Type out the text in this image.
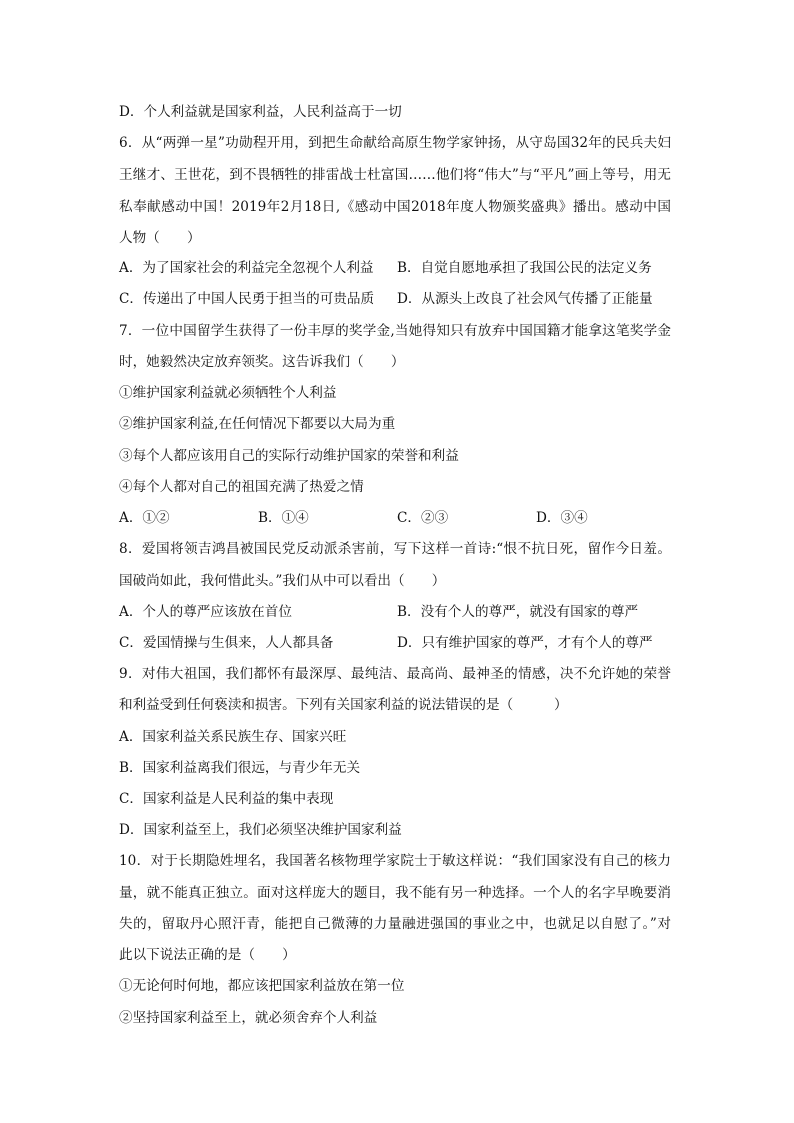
D．个人利益就是国家利益，人民利益高于一切
6．从“两弹一星”功勋程开用，到把生命献给高原生物学家钟扬，从守岛国32年的民兵夫妇
王继才、王世花，到不畏牺牲的排雷战士杜富国……他们将“伟大”与“平凡”画上等号，用无
私奉献感动中国！2019年2月18日,《感动中国2018年度人物颁奖盛典》播出。感动中国
人物（　　）
A．为了国家社会的利益完全忽视个人利益 B．自觉自愿地承担了我国公民的法定义务
C．传递出了中国人民勇于担当的可贵品质 D．从源头上改良了社会风气传播了正能量
7．一位中国留学生获得了一份丰厚的奖学金,当她得知只有放弃中国国籍才能拿这笔奖学金
时，她毅然决定放弃领奖。这告诉我们（　　）
①维护国家利益就必须牺牲个人利益
②维护国家利益,在任何情况下都要以大局为重
③每个人都应该用自己的实际行动维护国家的荣誉和利益
④每个人都对自己的祖国充满了热爱之情
A．①②	B．①④	C．②③	D．③④
8．爱国将领吉鸿昌被国民党反动派杀害前，写下这样一首诗:“恨不抗日死，留作今日羞。
国破尚如此，我何惜此头。”我们从中可以看出（　　）
A．个人的尊严应该放在首位	B．没有个人的尊严，就没有国家的尊严
C．爱国情操与生俱来，人人都具备	D．只有维护国家的尊严，才有个人的尊严
9．对伟大祖国，我们都怀有最深厚、最纯洁、最高尚、最神圣的情感，决不允许她的荣誉
和利益受到任何亵渎和损害。下列有关国家利益的说法错误的是（　　　）
A．国家利益关系民族生存、国家兴旺
B．国家利益离我们很远，与青少年无关
C．国家利益是人民利益的集中表现
D．国家利益至上，我们必须坚决维护国家利益
10．对于长期隐姓埋名，我国著名核物理学家院士于敏这样说：“我们国家没有自己的核力
量，就不能真正独立。面对这样庞大的题目，我不能有另一种选择。一个人的名字早晚要消
失的，留取丹心照汗青，能把自己微薄的力量融进强国的事业之中，也就足以自慰了。”对
此以下说法正确的是（　　）
①无论何时何地，都应该把国家利益放在第一位
②坚持国家利益至上，就必须舍弃个人利益
